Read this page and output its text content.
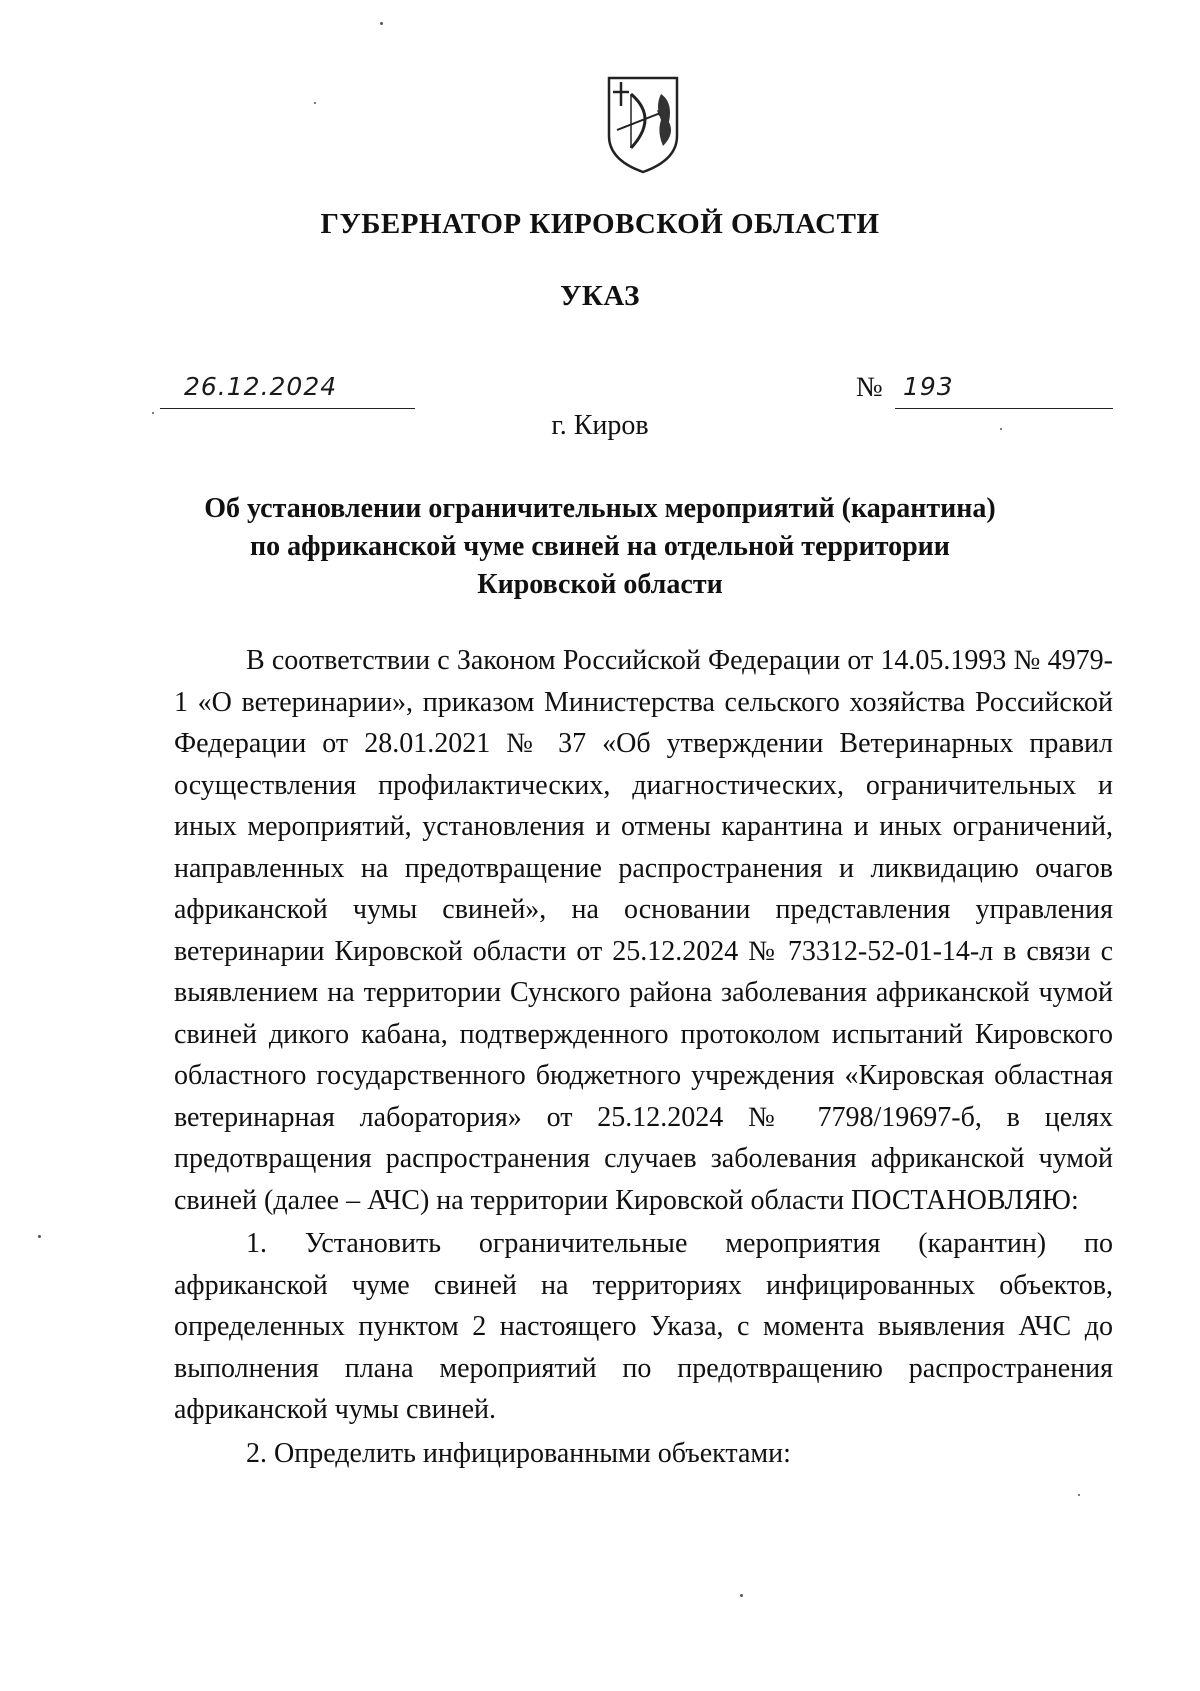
ГУБЕРНАТОР КИРОВСКОЙ ОБЛАСТИ
УКАЗ
26.12.2024	№ 193
г. Киров
Об установлении ограничительных мероприятий (карантина)
по африканской чуме свиней на отдельной территории
Кировской области

В соответствии с Законом Российской Федерации от 14.05.1993 № 4979-1 «О ветеринарии», приказом Министерства сельского хозяйства Российской Федерации от 28.01.2021 № 37 «Об утверждении Ветеринарных правил осуществления профилактических, диагностических, ограничительных и иных мероприятий, установления и отмены карантина и иных ограничений, направленных на предотвращение распространения и ликвидацию очагов африканской чумы свиней», на основании представления управления ветеринарии Кировской области от 25.12.2024 № 73312-52-01-14-л в связи с выявлением на территории Сунского района заболевания африканской чумой свиней дикого кабана, подтвержденного протоколом испытаний Кировского областного государственного бюджетного учреждения «Кировская областная ветеринарная лаборатория» от 25.12.2024 № 7798/19697-б, в целях предотвращения распространения случаев заболевания африканской чумой свиней (далее – АЧС) на территории Кировской области ПОСТАНОВЛЯЮ:

1. Установить ограничительные мероприятия (карантин) по африканской чуме свиней на территориях инфицированных объектов, определенных пунктом 2 настоящего Указа, с момента выявления АЧС до выполнения плана мероприятий по предотвращению распространения африканской чумы свиней.

2. Определить инфицированными объектами:
